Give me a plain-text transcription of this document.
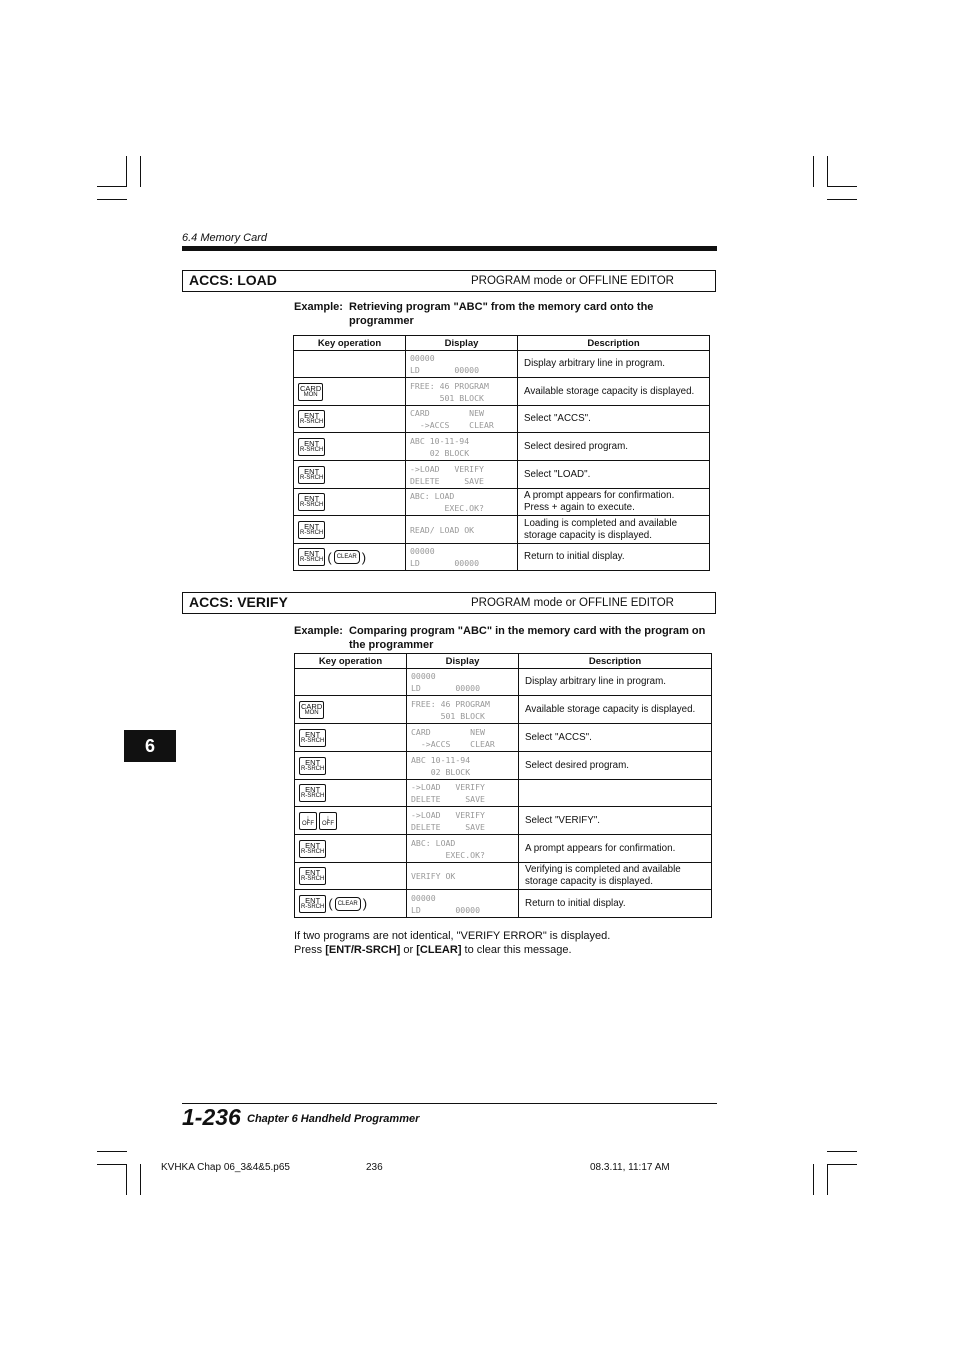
6.4 Memory Card
ACCS: LOAD	PROGRAM mode or OFFLINE EDITOR
Example: Retrieving program "ABC" from the memory card onto the programmer
Key operation	Display	Description

	00000
LD       00000	Display arbitrary line in program.

CARD
MON	FREE: 46 PROGRAM
501 BLOCK	Available storage capacity is displayed.

ENT
R-SRCH	CARD        NEW
->ACCS    CLEAR	Select "ACCS".

ENT
R-SRCH	ABC 10-11-94
02 BLOCK	Select desired program.

ENT
R-SRCH	->LOAD   VERIFY
DELETE     SAVE	Select "LOAD".

ENT
R-SRCH	ABC: LOAD
EXEC.OK?	A prompt appears for confirmation.
Press + again to execute.

ENT
R-SRCH	READ/ LOAD OK	Loading is completed and available
storage capacity is displayed.

ENT
R-SRCH ( CLEAR )	00000
LD       00000	Return to initial display.
ACCS: VERIFY	PROGRAM mode or OFFLINE EDITOR
Example: Comparing program "ABC" in the memory card with the program on the programmer
Key operation	Display	Description

	00000
LD       00000	Display arbitrary line in program.

CARD
MON	FREE: 46 PROGRAM
501 BLOCK	Available storage capacity is displayed.

ENT
R-SRCH	CARD        NEW
->ACCS    CLEAR	Select "ACCS".

ENT
R-SRCH	ABC 10-11-94
02 BLOCK	Select desired program.

ENT
R-SRCH	->LOAD   VERIFY
DELETE     SAVE	

↓
OFF
↓
OFF	->LOAD   VERIFY
DELETE     SAVE	Select "VERIFY".

ENT
R-SRCH	ABC: LOAD
EXEC.OK?	A prompt appears for confirmation.

ENT
R-SRCH	VERIFY OK	Verifying is completed and available
storage capacity is displayed.

ENT
R-SRCH ( CLEAR )	00000
LD       00000	Return to initial display.
6
If two programs are not identical, "VERIFY ERROR" is displayed.
Press [ENT/R-SRCH] or [CLEAR] to clear this message.
1-236 Chapter 6 Handheld Programmer
KVHKA Chap 06_3&4&5.p65	236	08.3.11, 11:17 AM
